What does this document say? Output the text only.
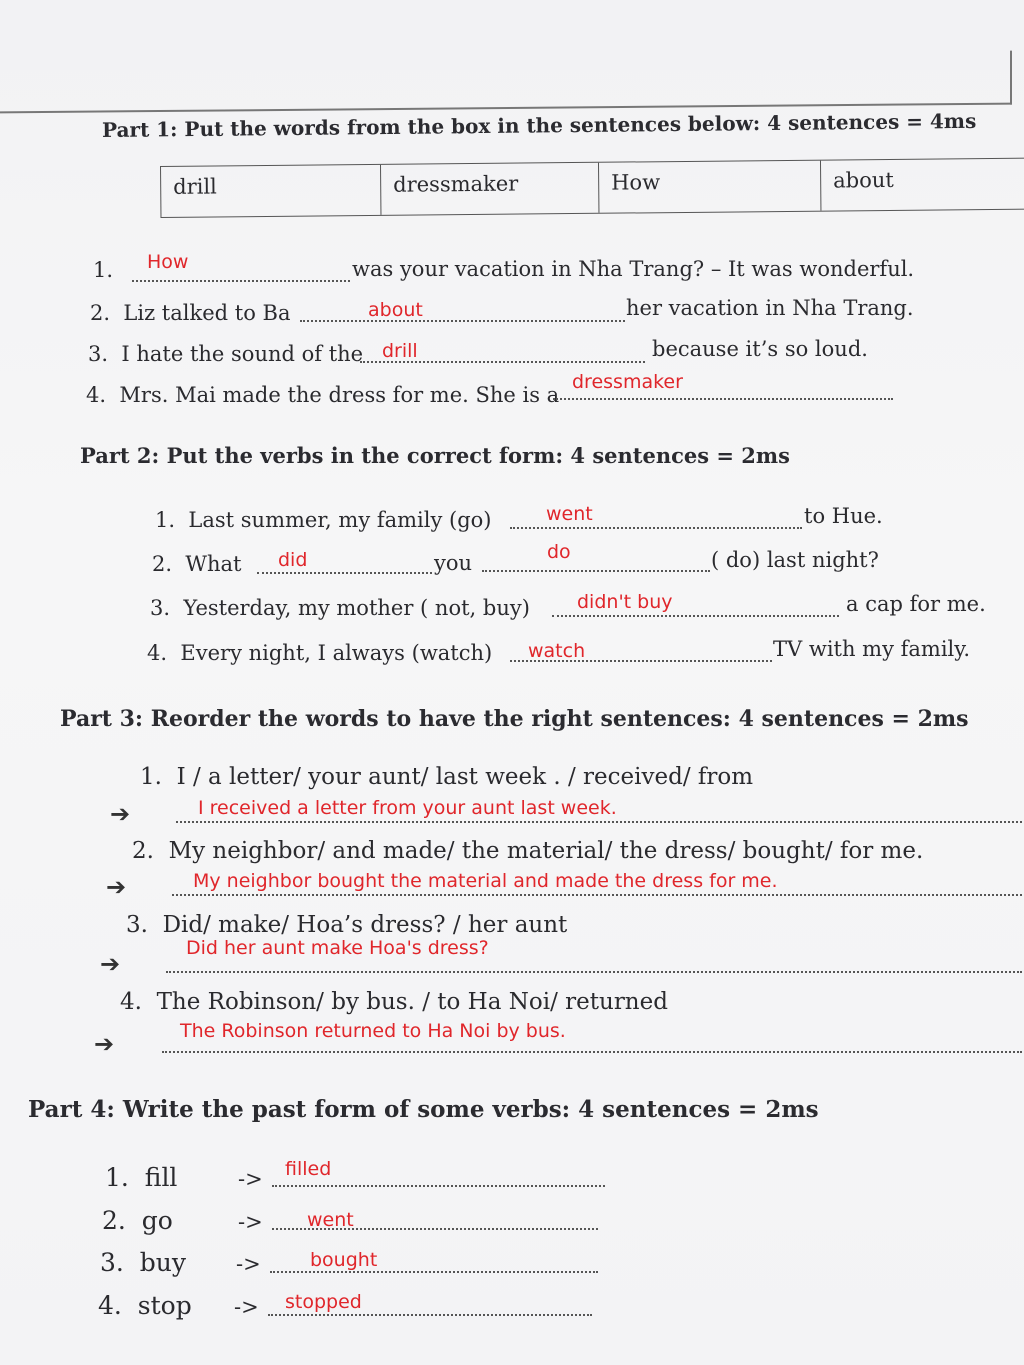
Part 1: Put the words from the box in the sentences below: 4 sentences = 4ms
drill	dressmaker	How	about
1. How	was your vacation in Nha Trang? – It was wonderful.
2. Liz talked to Ba	about	her vacation in Nha Trang.
3. I hate the sound of the drill	because it’s so loud.
4. Mrs. Mai made the dress for me. She is a
dressmaker
Part 2: Put the verbs in the correct form: 4 sentences = 2ms
1. Last summer, my family (go)	went	to Hue.
2. What did	you	do	( do) last night?
3. Yesterday, my mother ( not, buy) didn't buy	a cap for me.
4. Every night, I always (watch) watch	TV with my family.
Part 3: Reorder the words to have the right sentences: 4 sentences = 2ms
1. I / a letter/ your aunt/ last week . / received/ from
➔	I received a letter from your aunt last week.
2. My neighbor/ and made/ the material/ the dress/ bought/ for me.
➔	My neighbor bought the material and made the dress for me.
3. Did/ make/ Hoa’s dress? / her aunt
➔
Did her aunt make Hoa's dress?
4. The Robinson/ by bus. / to Ha Noi/ returned
➔	The Robinson returned to Ha Noi by bus.
Part 4: Write the past form of some verbs: 4 sentences = 2ms
1. fill	-> filled
2. go	-> went
3. buy ->	bought
4. stop -> stopped
